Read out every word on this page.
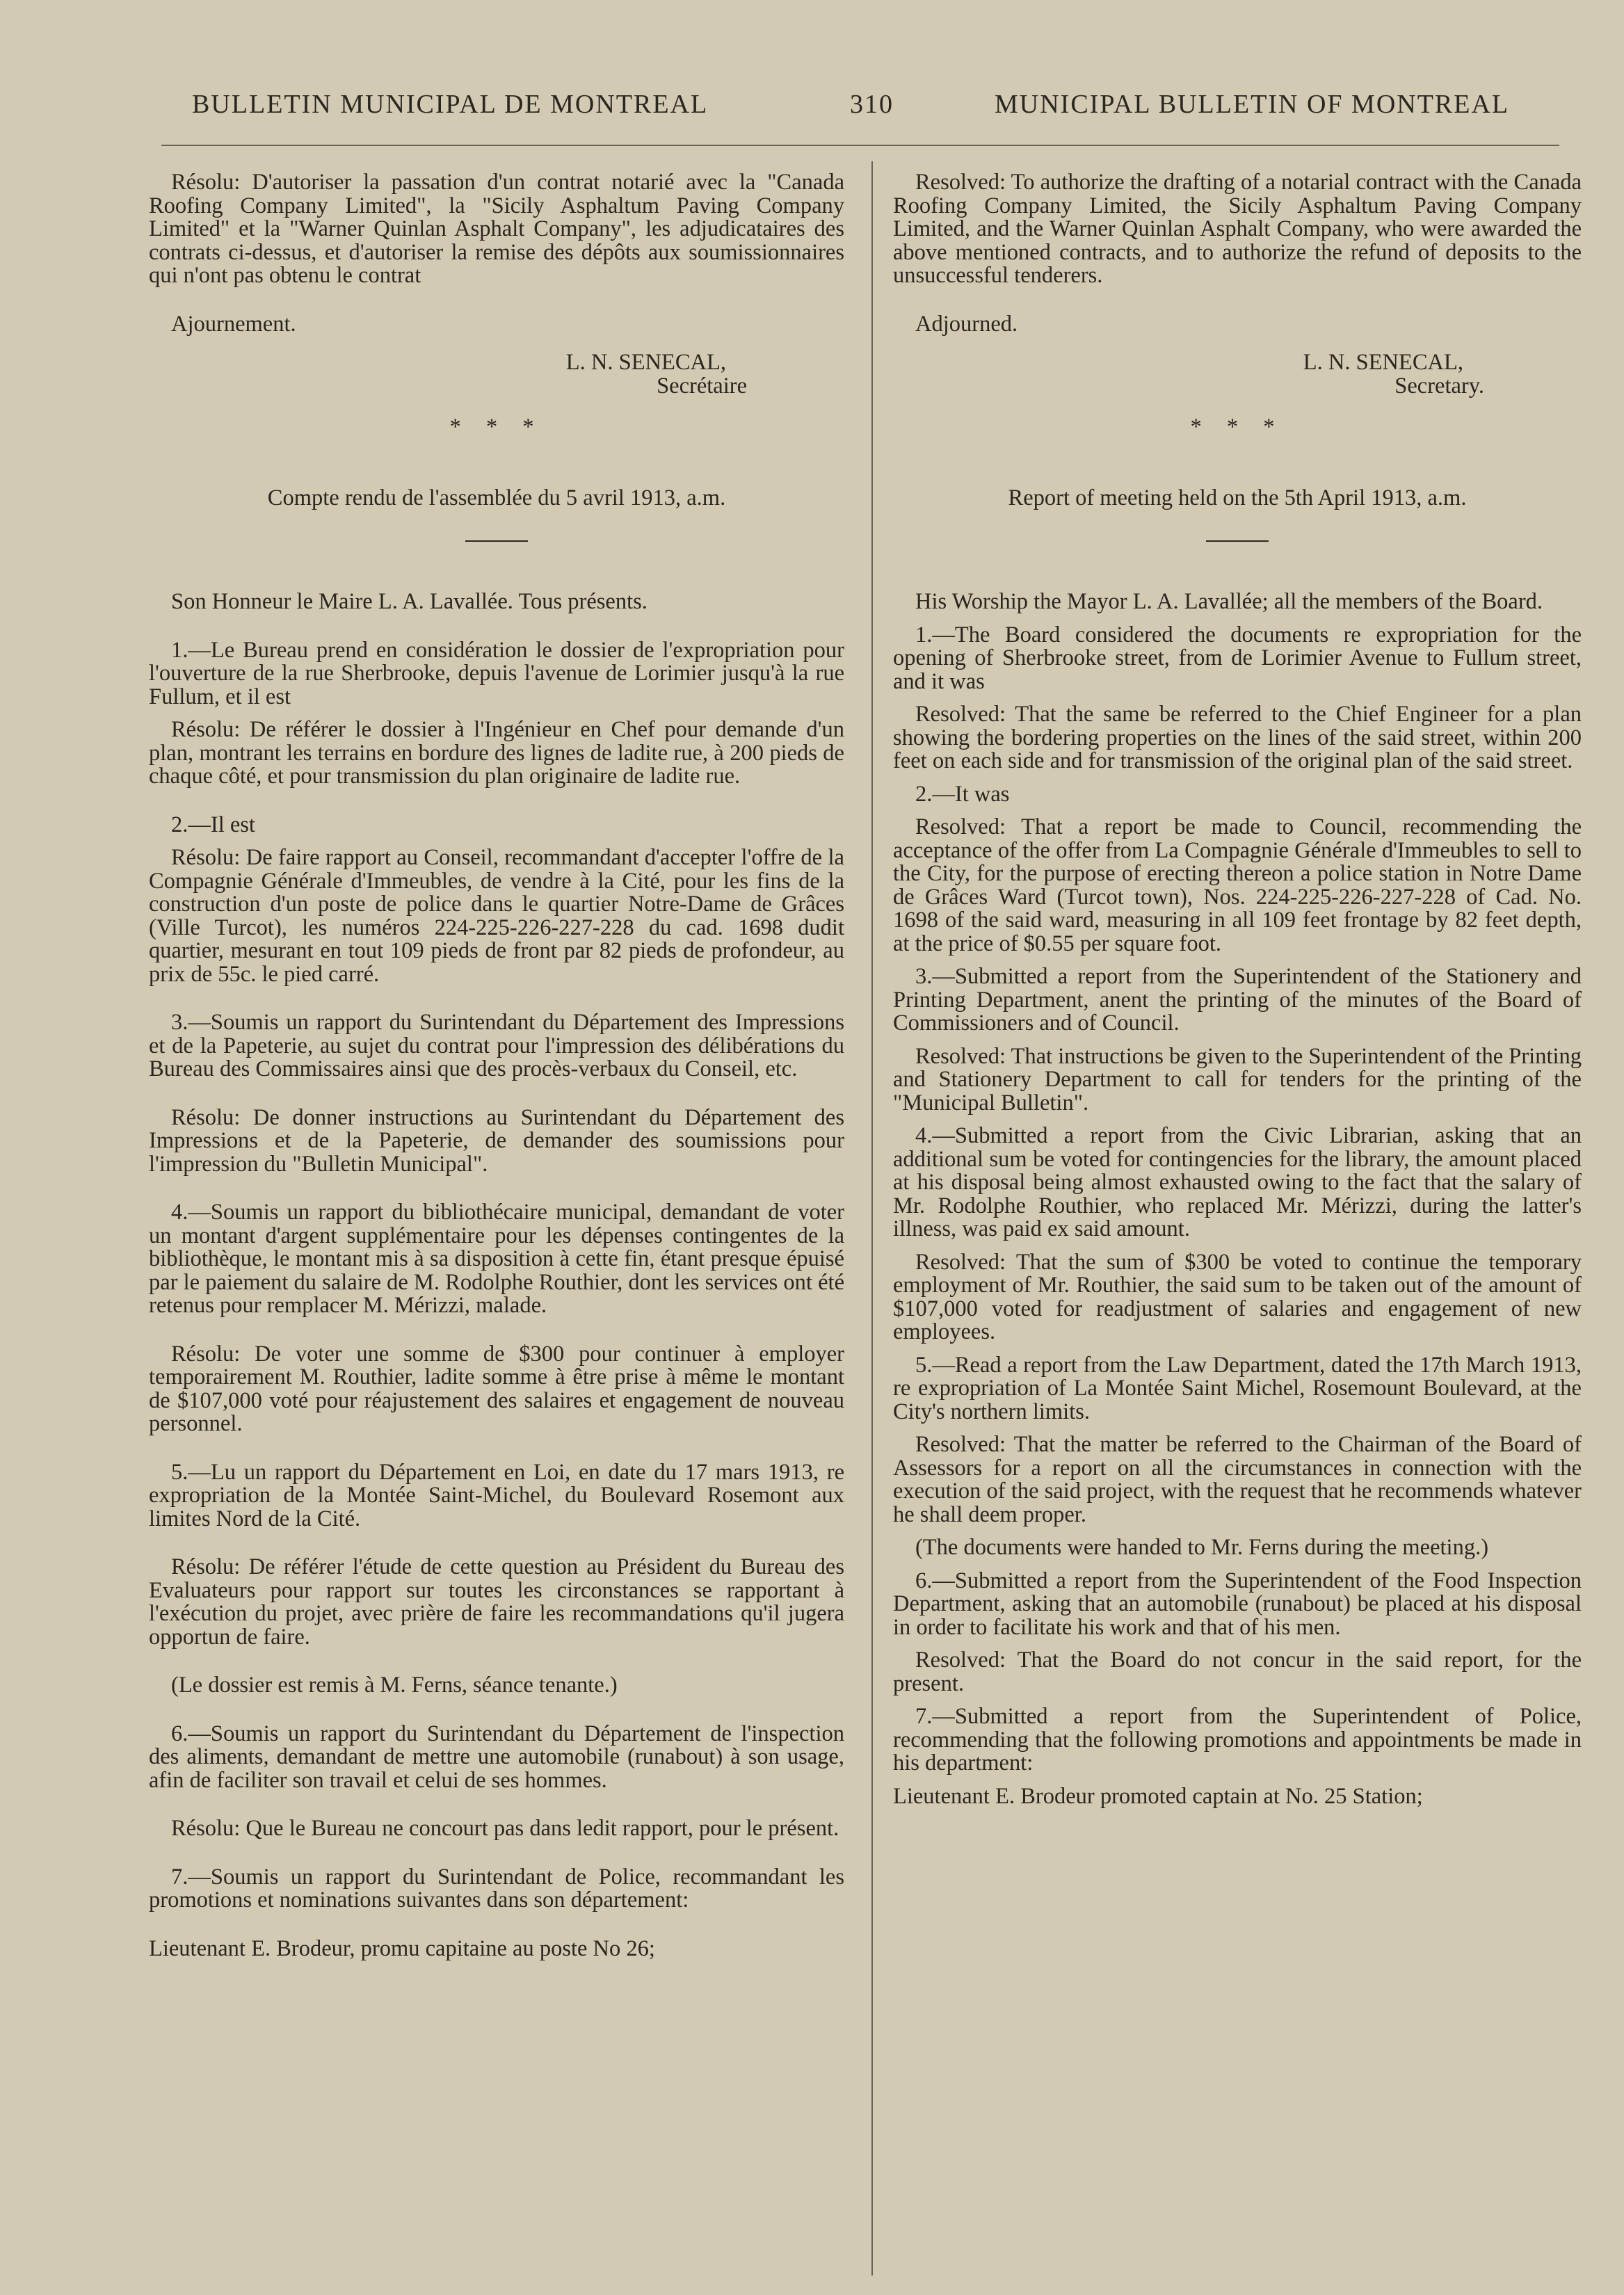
BULLETIN MUNICIPAL DE MONTREAL	310	MUNICIPAL BULLETIN OF MONTREAL

Résolu: D'autoriser la passation d'un contrat notarié avec la "Canada Roofing Company Limited", la "Sicily Asphaltum Paving Company Limited" et la "Warner Quinlan Asphalt Company", les adjudicataires des contrats ci-dessus, et d'autoriser la remise des dépôts aux soumissionnaires qui n'ont pas obtenu le contrat

Ajournement.

L. N. SENECAL,

Secrétaire

* * *

Compte rendu de l'assemblée du 5 avril 1913, a.m.

Son Honneur le Maire L. A. Lavallée. Tous présents.

1.—Le Bureau prend en considération le dossier de l'expropriation pour l'ouverture de la rue Sherbrooke, depuis l'avenue de Lorimier jusqu'à la rue Fullum, et il est

Résolu: De référer le dossier à l'Ingénieur en Chef pour demande d'un plan, montrant les terrains en bordure des lignes de ladite rue, à 200 pieds de chaque côté, et pour transmission du plan originaire de ladite rue.

2.—Il est

Résolu: De faire rapport au Conseil, recommandant d'accepter l'offre de la Compagnie Générale d'Immeubles, de vendre à la Cité, pour les fins de la construction d'un poste de police dans le quartier Notre-Dame de Grâces (Ville Turcot), les numéros 224-225-226-227-228 du cad. 1698 dudit quartier, mesurant en tout 109 pieds de front par 82 pieds de profondeur, au prix de 55c. le pied carré.

3.—Soumis un rapport du Surintendant du Département des Impressions et de la Papeterie, au sujet du contrat pour l'impression des délibérations du Bureau des Commissaires ainsi que des procès-verbaux du Conseil, etc.

Résolu: De donner instructions au Surintendant du Département des Impressions et de la Papeterie, de demander des soumissions pour l'impression du "Bulletin Municipal".

4.—Soumis un rapport du bibliothécaire municipal, demandant de voter un montant d'argent supplémentaire pour les dépenses contingentes de la bibliothèque, le montant mis à sa disposition à cette fin, étant presque épuisé par le paiement du salaire de M. Rodolphe Routhier, dont les services ont été retenus pour remplacer M. Mérizzi, malade.

Résolu: De voter une somme de $300 pour continuer à employer temporairement M. Routhier, ladite somme à être prise à même le montant de $107,000 voté pour réajustement des salaires et engagement de nouveau personnel.

5.—Lu un rapport du Département en Loi, en date du 17 mars 1913, re expropriation de la Montée Saint-Michel, du Boulevard Rosemont aux limites Nord de la Cité.

Résolu: De référer l'étude de cette question au Président du Bureau des Evaluateurs pour rapport sur toutes les circonstances se rapportant à l'exécution du projet, avec prière de faire les recommandations qu'il jugera opportun de faire.

(Le dossier est remis à M. Ferns, séance tenante.)

6.—Soumis un rapport du Surintendant du Département de l'inspection des aliments, demandant de mettre une automobile (runabout) à son usage, afin de faciliter son travail et celui de ses hommes.

Résolu: Que le Bureau ne concourt pas dans ledit rapport, pour le présent.

7.—Soumis un rapport du Surintendant de Police, recommandant les promotions et nominations suivantes dans son département:

Lieutenant E. Brodeur, promu capitaine au poste No 26;

Resolved: To authorize the drafting of a notarial contract with the Canada Roofing Company Limited, the Sicily Asphaltum Paving Company Limited, and the Warner Quinlan Asphalt Company, who were awarded the above mentioned contracts, and to authorize the refund of deposits to the unsuccessful tenderers.

Adjourned.

L. N. SENECAL,

Secretary.

* * *

Report of meeting held on the 5th April 1913, a.m.

His Worship the Mayor L. A. Lavallée; all the members of the Board.

1.—The Board considered the documents re expropriation for the opening of Sherbrooke street, from de Lorimier Avenue to Fullum street, and it was

Resolved: That the same be referred to the Chief Engineer for a plan showing the bordering properties on the lines of the said street, within 200 feet on each side and for transmission of the original plan of the said street.

2.—It was

Resolved: That a report be made to Council, recommending the acceptance of the offer from La Compagnie Générale d'Immeubles to sell to the City, for the purpose of erecting thereon a police station in Notre Dame de Grâces Ward (Turcot town), Nos. 224-225-226-227-228 of Cad. No. 1698 of the said ward, measuring in all 109 feet frontage by 82 feet depth, at the price of $0.55 per square foot.

3.—Submitted a report from the Superintendent of the Stationery and Printing Department, anent the printing of the minutes of the Board of Commissioners and of Council.

Resolved: That instructions be given to the Superintendent of the Printing and Stationery Department to call for tenders for the printing of the "Municipal Bulletin".

4.—Submitted a report from the Civic Librarian, asking that an additional sum be voted for contingencies for the library, the amount placed at his disposal being almost exhausted owing to the fact that the salary of Mr. Rodolphe Routhier, who replaced Mr. Mérizzi, during the latter's illness, was paid ex said amount.

Resolved: That the sum of $300 be voted to continue the temporary employment of Mr. Routhier, the said sum to be taken out of the amount of $107,000 voted for readjustment of salaries and engagement of new employees.

5.—Read a report from the Law Department, dated the 17th March 1913, re expropriation of La Montée Saint Michel, Rosemount Boulevard, at the City's northern limits.

Resolved: That the matter be referred to the Chairman of the Board of Assessors for a report on all the circumstances in connection with the execution of the said project, with the request that he recommends whatever he shall deem proper.

(The documents were handed to Mr. Ferns during the meeting.)

6.—Submitted a report from the Superintendent of the Food Inspection Department, asking that an automobile (runabout) be placed at his disposal in order to facilitate his work and that of his men.

Resolved: That the Board do not concur in the said report, for the present.

7.—Submitted a report from the Superintendent of Police, recommending that the following promotions and appointments be made in his department:

Lieutenant E. Brodeur promoted captain at No. 25 Station;
